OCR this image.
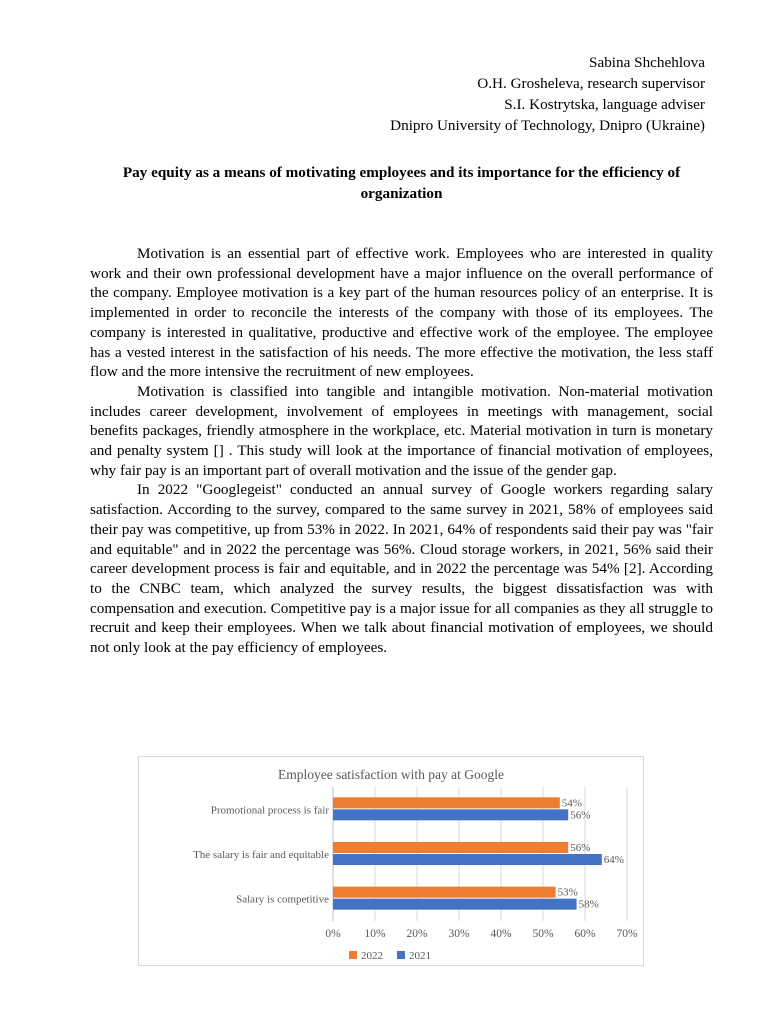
Sabina Shchehlova
O.H. Grosheleva, research supervisor
S.I. Kostrytska, language adviser
Dnipro University of Technology, Dnipro (Ukraine)
Pay equity as a means of motivating employees and its importance for the efficiency of organization

Motivation is an essential part of effective work. Employees who are interested in quality work and their own professional development have a major influence on the overall performance of the company. Employee motivation is a key part of the human resources policy of an enterprise. It is implemented in order to reconcile the interests of the company with those of its employees. The company is interested in qualitative, productive and effective work of the employee. The employee has a vested interest in the satisfaction of his needs. The more effective the motivation, the less staff flow and the more intensive the recruitment of new employees.

Motivation is classified into tangible and intangible motivation. Non-material motivation includes career development, involvement of employees in meetings with management, social benefits packages, friendly atmosphere in the workplace, etc. Material motivation in turn is monetary and penalty system [] . This study will look at the importance of financial motivation of employees, why fair pay is an important part of overall motivation and the issue of the gender gap.

In 2022 "Googlegeist" conducted an annual survey of Google workers regarding salary satisfaction. According to the survey, compared to the same survey in 2021, 58% of employees said their pay was competitive, up from 53% in 2022. In 2021, 64% of respondents said their pay was "fair and equitable" and in 2022 the percentage was 56%. Cloud storage workers, in 2021, 56% said their career development process is fair and equitable, and in 2022 the percentage was 54% [2]. According to the CNBC team, which analyzed the survey results, the biggest dissatisfaction was with compensation and execution. Competitive pay is a major issue for all companies as they all struggle to recruit and keep their employees. When we talk about financial motivation of employees, we should not only look at the pay efficiency of employees.

Employee satisfaction with pay at Google
54%
56%
56%
64%
53%
58%
Promotional process is fair
The salary is fair and equitable
Salary is competitive
0% 10% 20% 30% 40% 50% 60% 70%
2022 2021
